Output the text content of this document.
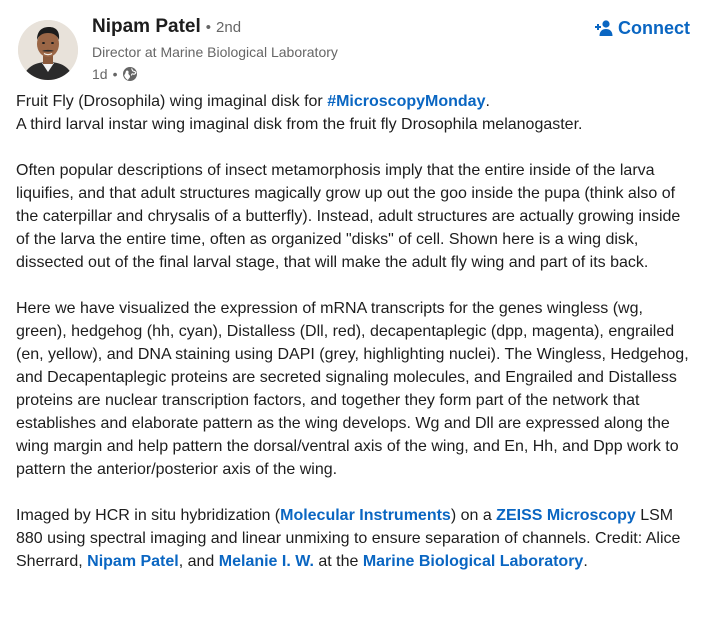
Nipam Patel • 2nd
Director at Marine Biological Laboratory
1d •
Connect

Fruit Fly (Drosophila) wing imaginal disk for #MicroscopyMonday.

A third larval instar wing imaginal disk from the fruit fly Drosophila melanogaster.

Often popular descriptions of insect metamorphosis imply that the entire inside of the larva liquifies, and that adult structures magically grow up out the goo inside the pupa (think also of the caterpillar and chrysalis of a butterfly). Instead, adult structures are actually growing inside of the larva the entire time, often as organized "disks" of cell. Shown here is a wing disk, dissected out of the final larval stage, that will make the adult fly wing and part of its back.

Here we have visualized the expression of mRNA transcripts for the genes wingless (wg, green), hedgehog (hh, cyan), Distalless (Dll, red), decapentaplegic (dpp, magenta), engrailed (en, yellow), and DNA staining using DAPI (grey, highlighting nuclei). The Wingless, Hedgehog, and Decapentaplegic proteins are secreted signaling molecules, and Engrailed and Distalless proteins are nuclear transcription factors, and together they form part of the network that establishes and elaborate pattern as the wing develops. Wg and Dll are expressed along the wing margin and help pattern the dorsal/ventral axis of the wing, and En, Hh, and Dpp work to pattern the anterior/posterior axis of the wing.

Imaged by HCR in situ hybridization (Molecular Instruments) on a ZEISS Microscopy LSM 880 using spectral imaging and linear unmixing to ensure separation of channels. Credit: Alice Sherrard, Nipam Patel, and Melanie I. W. at the Marine Biological Laboratory.
